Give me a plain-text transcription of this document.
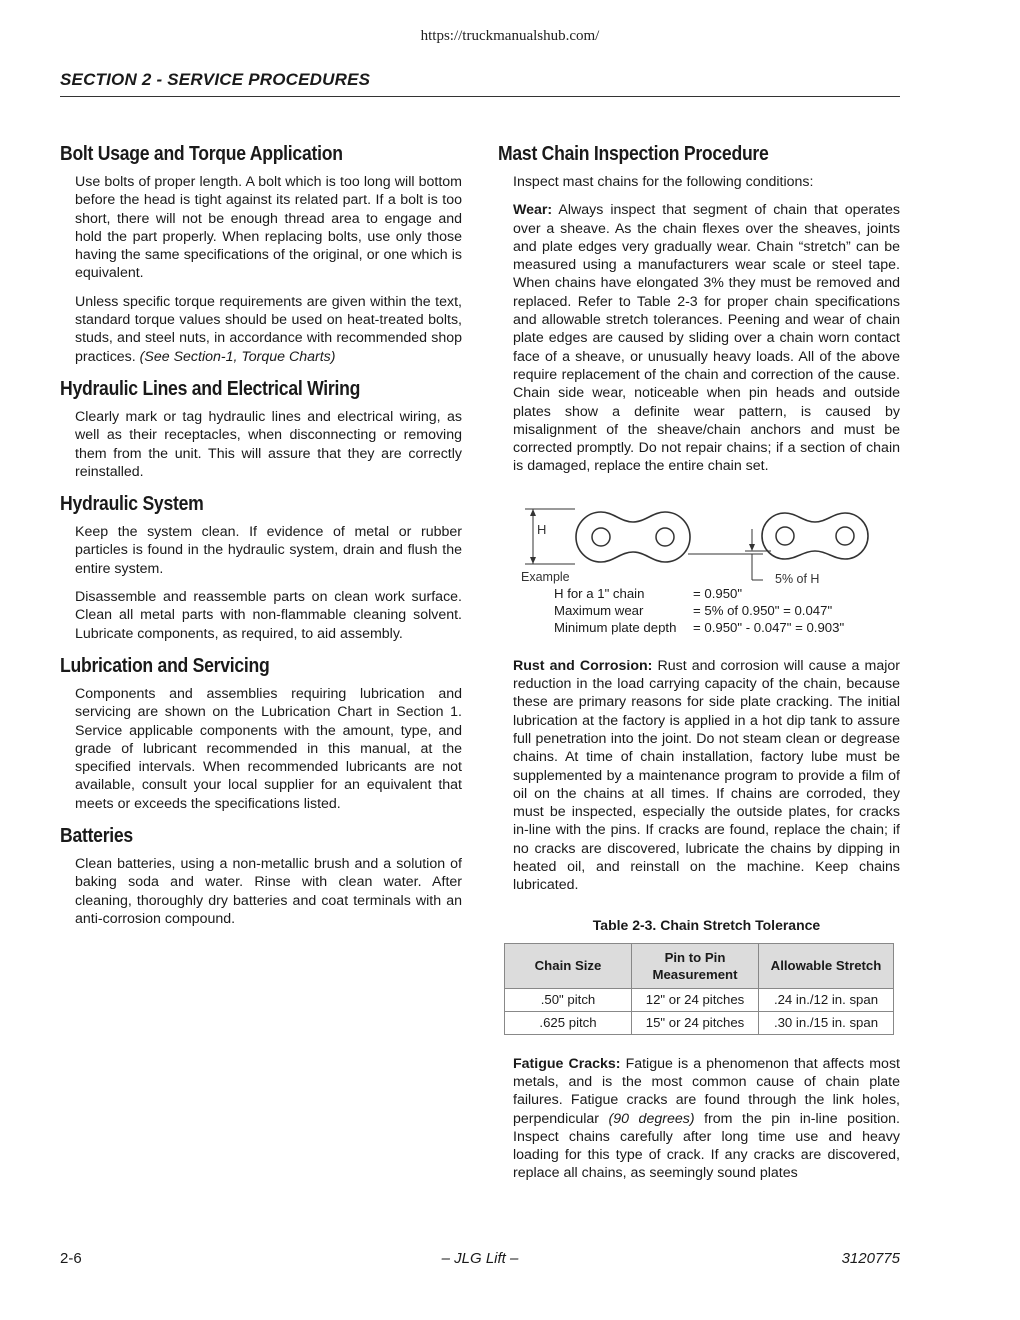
https://truckmanualshub.com/
SECTION 2 - SERVICE PROCEDURES
Bolt Usage and Torque Application

Use bolts of proper length. A bolt which is too long will bottom before the head is tight against its related part. If a bolt is too short, there will not be enough thread area to engage and hold the part properly. When replacing bolts, use only those having the same specifications of the original, or one which is equivalent.

Unless specific torque requirements are given within the text, standard torque values should be used on heat-treated bolts, studs, and steel nuts, in accordance with recommended shop practices. (See Section-1, Torque Charts)

Hydraulic Lines and Electrical Wiring

Clearly mark or tag hydraulic lines and electrical wiring, as well as their receptacles, when disconnecting or removing them from the unit. This will assure that they are correctly reinstalled.

Hydraulic System

Keep the system clean. If evidence of metal or rubber particles is found in the hydraulic system, drain and flush the entire system.

Disassemble and reassemble parts on clean work surface. Clean all metal parts with non-flammable cleaning solvent. Lubricate components, as required, to aid assembly.

Lubrication and Servicing

Components and assemblies requiring lubrication and servicing are shown on the Lubrication Chart in Section 1. Service applicable components with the amount, type, and grade of lubricant recommended in this manual, at the specified intervals. When recommended lubricants are not available, consult your local supplier for an equivalent that meets or exceeds the specifications listed.

Batteries

Clean batteries, using a non-metallic brush and a solution of baking soda and water. Rinse with clean water. After cleaning, thoroughly dry batteries and coat terminals with an anti-corrosion compound.

Mast Chain Inspection Procedure

Inspect mast chains for the following conditions:

Wear: Always inspect that segment of chain that operates over a sheave. As the chain flexes over the sheaves, joints and plate edges very gradually wear. Chain “stretch” can be measured using a manufacturers wear scale or steel tape. When chains have elongated 3% they must be removed and replaced. Refer to Table 2-3 for proper chain specifications and allowable stretch tolerances. Peening and wear of chain plate edges are caused by sliding over a chain worn contact face of a sheave, or unusually heavy loads. All of the above require replacement of the chain and correction of the cause. Chain side wear, noticeable when pin heads and outside plates show a definite wear pattern, is caused by misalignment of the sheave/chain anchors and must be corrected promptly. Do not repair chains; if a section of chain is damaged, replace the entire chain set.

H
Example	5% of H
H for a 1" chain	= 0.950"
Maximum wear	= 5% of 0.950" = 0.047"
Minimum plate depth = 0.950" - 0.047" = 0.903"

Rust and Corrosion: Rust and corrosion will cause a major reduction in the load carrying capacity of the chain, because these are primary reasons for side plate cracking. The initial lubrication at the factory is applied in a hot dip tank to assure full penetration into the joint. Do not steam clean or degrease chains. At time of chain installation, factory lube must be supplemented by a maintenance program to provide a film of oil on the chains at all times. If chains are corroded, they must be inspected, especially the outside plates, for cracks in-line with the pins. If cracks are found, replace the chain; if no cracks are discovered, lubricate the chains by dipping in heated oil, and reinstall on the machine. Keep chains lubricated.

Table 2-3. Chain Stretch Tolerance
Chain Size	Pin to Pin Measurement	Allowable Stretch
.50" pitch	12" or 24 pitches	.24 in./12 in. span
.625 pitch	15" or 24 pitches	.30 in./15 in. span

Fatigue Cracks: Fatigue is a phenomenon that affects most metals, and is the most common cause of chain plate failures. Fatigue cracks are found through the link holes, perpendicular (90 degrees) from the pin in-line position. Inspect chains carefully after long time use and heavy loading for this type of crack. If any cracks are discovered, replace all chains, as seemingly sound plates

2-6	– JLG Lift –	3120775
